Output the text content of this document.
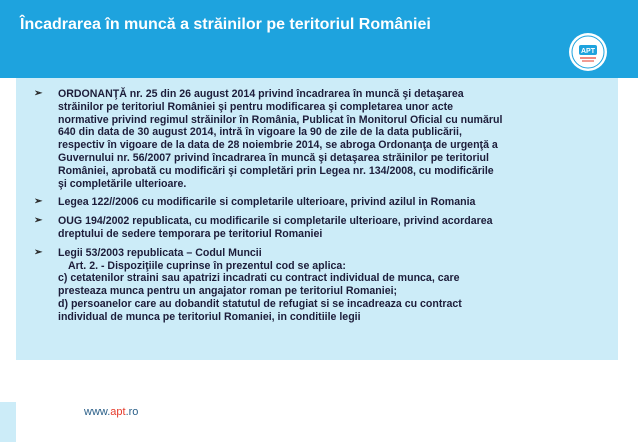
Încadrarea în muncă a străinilor pe teritoriul României
APT
➢ ORDONANŢĂ nr. 25 din 26 august 2014 privind încadrarea în muncă şi detaşarea
străinilor pe teritoriul României şi pentru modificarea şi completarea unor acte
normative privind regimul străinilor în România, Publicat în Monitorul Oficial cu numărul
640 din data de 30 august 2014, intră în vigoare la 90 de zile de la data publicării,
respectiv în vigoare de la data de 28 noiembrie 2014, se abroga Ordonanţa de urgenţă a
Guvernului nr. 56/2007 privind încadrarea în muncă şi detaşarea străinilor pe teritoriul
României, aprobată cu modificări şi completări prin Legea nr. 134/2008, cu modificările
şi completările ulterioare.
➢ Legea 122//2006 cu modificarile si completarile ulterioare, privind azilul in Romania
➢ OUG 194/2002 republicata, cu modificarile si completarile ulterioare, privind acordarea
dreptului de sedere temporara pe teritoriul Romaniei
➢ Legii 53/2003 republicata – Codul Muncii
Art. 2. - Dispoziţiile cuprinse în prezentul cod se aplica:
c) cetatenilor straini sau apatrizi incadrati cu contract individual de munca, care
presteaza munca pentru un angajator roman pe teritoriul Romaniei;
d) persoanelor care au dobandit statutul de refugiat si se incadreaza cu contract
individual de munca pe teritoriul Romaniei, in conditiile legii
www.apt.ro
